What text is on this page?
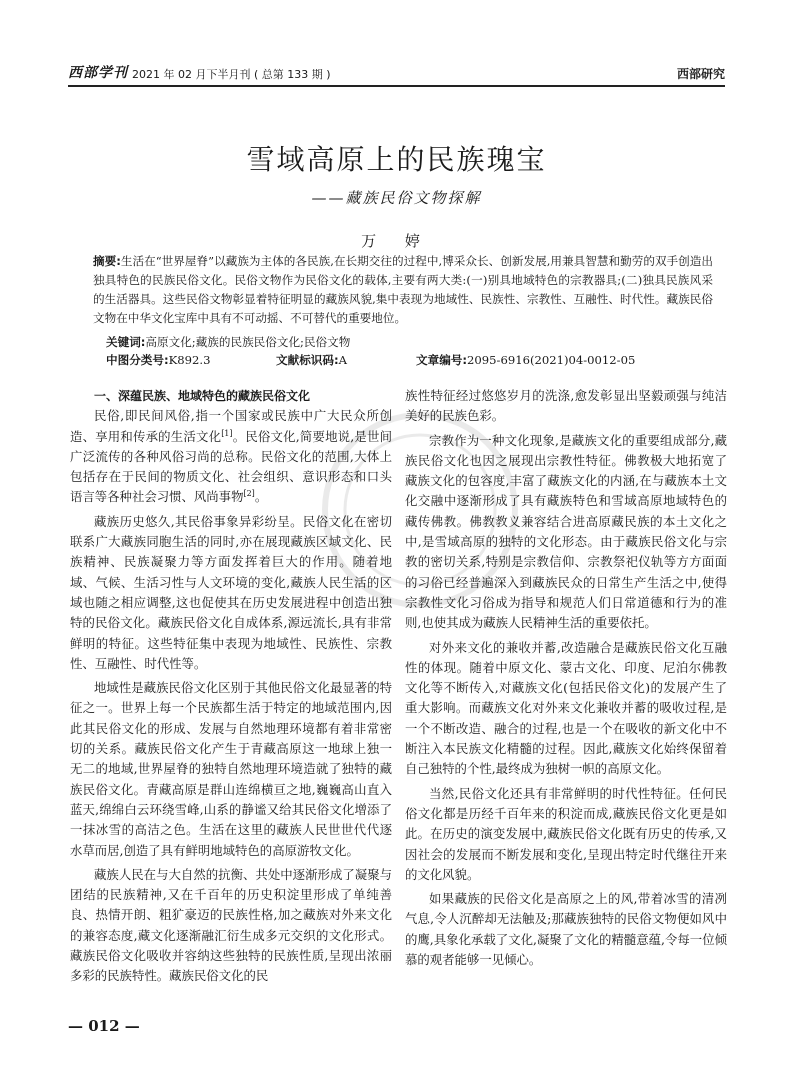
西部学刊 2021 年 02 月下半月刊 ( 总第 133 期 )	西部研究
雪域高原上的民族瑰宝
——藏族民俗文物探解
万 婷
摘要:生活在“世界屋脊”以藏族为主体的各民族,在长期交往的过程中,博采众长、创新发展,用兼具智慧和勤劳的双手创造出独具特色的民族民俗文化。民俗文物作为民俗文化的载体,主要有两大类:(一)别具地域特色的宗教器具;(二)独具民族风采的生活器具。这些民俗文物彰显着特征明显的藏族风貌,集中表现为地域性、民族性、宗教性、互融性、时代性。藏族民俗文物在中华文化宝库中具有不可动摇、不可替代的重要地位。
关键词:高原文化;藏族的民族民俗文化;民俗文物
中图分类号:K892.3	文献标识码:A	文章编号:2095-6916(2021)04-0012-05
一、深蕴民族、地域特色的藏族民俗文化

民俗,即民间风俗,指一个国家或民族中广大民众所创造、享用和传承的生活文化[1]。民俗文化,简要地说,是世间广泛流传的各种风俗习尚的总称。民俗文化的范围,大体上包括存在于民间的物质文化、社会组织、意识形态和口头语言等各种社会习惯、风尚事物[2]。

藏族历史悠久,其民俗事象异彩纷呈。民俗文化在密切联系广大藏族同胞生活的同时,亦在展现藏族区域文化、民族精神、民族凝聚力等方面发挥着巨大的作用。随着地域、气候、生活习性与人文环境的变化,藏族人民生活的区域也随之相应调整,这也促使其在历史发展进程中创造出独特的民俗文化。藏族民俗文化自成体系,源远流长,具有非常鲜明的特征。这些特征集中表现为地域性、民族性、宗教性、互融性、时代性等。

地域性是藏族民俗文化区别于其他民俗文化最显著的特征之一。世界上每一个民族都生活于特定的地域范围内,因此其民俗文化的形成、发展与自然地理环境都有着非常密切的关系。藏族民俗文化产生于青藏高原这一地球上独一无二的地域,世界屋脊的独特自然地理环境造就了独特的藏族民俗文化。青藏高原是群山连绵横亘之地,巍巍高山直入蓝天,绵绵白云环绕雪峰,山系的静谧又给其民俗文化增添了一抹冰雪的高洁之色。生活在这里的藏族人民世世代代逐水草而居,创造了具有鲜明地域特色的高原游牧文化。

藏族人民在与大自然的抗衡、共处中逐渐形成了凝聚与团结的民族精神,又在千百年的历史积淀里形成了单纯善良、热情开朗、粗犷豪迈的民族性格,加之藏族对外来文化的兼容态度,藏文化逐渐融汇衍生成多元交织的文化形式。藏族民俗文化吸收并容纳这些独特的民族性质,呈现出浓丽多彩的民族特性。藏族民俗文化的民

族性特征经过悠悠岁月的洗涤,愈发彰显出坚毅顽强与纯洁美好的民族色彩。

宗教作为一种文化现象,是藏族文化的重要组成部分,藏族民俗文化也因之展现出宗教性特征。佛教极大地拓宽了藏族文化的包容度,丰富了藏族文化的内涵,在与藏族本土文化交融中逐渐形成了具有藏族特色和雪域高原地域特色的藏传佛教。佛教教义兼容结合进高原藏民族的本土文化之中,是雪域高原的独特的文化形态。由于藏族民俗文化与宗教的密切关系,特别是宗教信仰、宗教祭祀仪轨等方方面面的习俗已经普遍深入到藏族民众的日常生产生活之中,使得宗教性文化习俗成为指导和规范人们日常道德和行为的准则,也使其成为藏族人民精神生活的重要依托。

对外来文化的兼收并蓄,改造融合是藏族民俗文化互融性的体现。随着中原文化、蒙古文化、印度、尼泊尔佛教文化等不断传入,对藏族文化(包括民俗文化)的发展产生了重大影响。而藏族文化对外来文化兼收并蓄的吸收过程,是一个不断改造、融合的过程,也是一个在吸收的新文化中不断注入本民族文化精髓的过程。因此,藏族文化始终保留着自己独特的个性,最终成为独树一帜的高原文化。

当然,民俗文化还具有非常鲜明的时代性特征。任何民俗文化都是历经千百年来的积淀而成,藏族民俗文化更是如此。在历史的演变发展中,藏族民俗文化既有历史的传承,又因社会的发展而不断发展和变化,呈现出特定时代继往开来的文化风貌。

如果藏族的民俗文化是高原之上的风,带着冰雪的清冽气息,令人沉醉却无法触及;那藏族独特的民俗文物便如风中的鹰,具象化承载了文化,凝聚了文化的精髓意蕴,令每一位倾慕的观者能够一见倾心。

— 012 —
